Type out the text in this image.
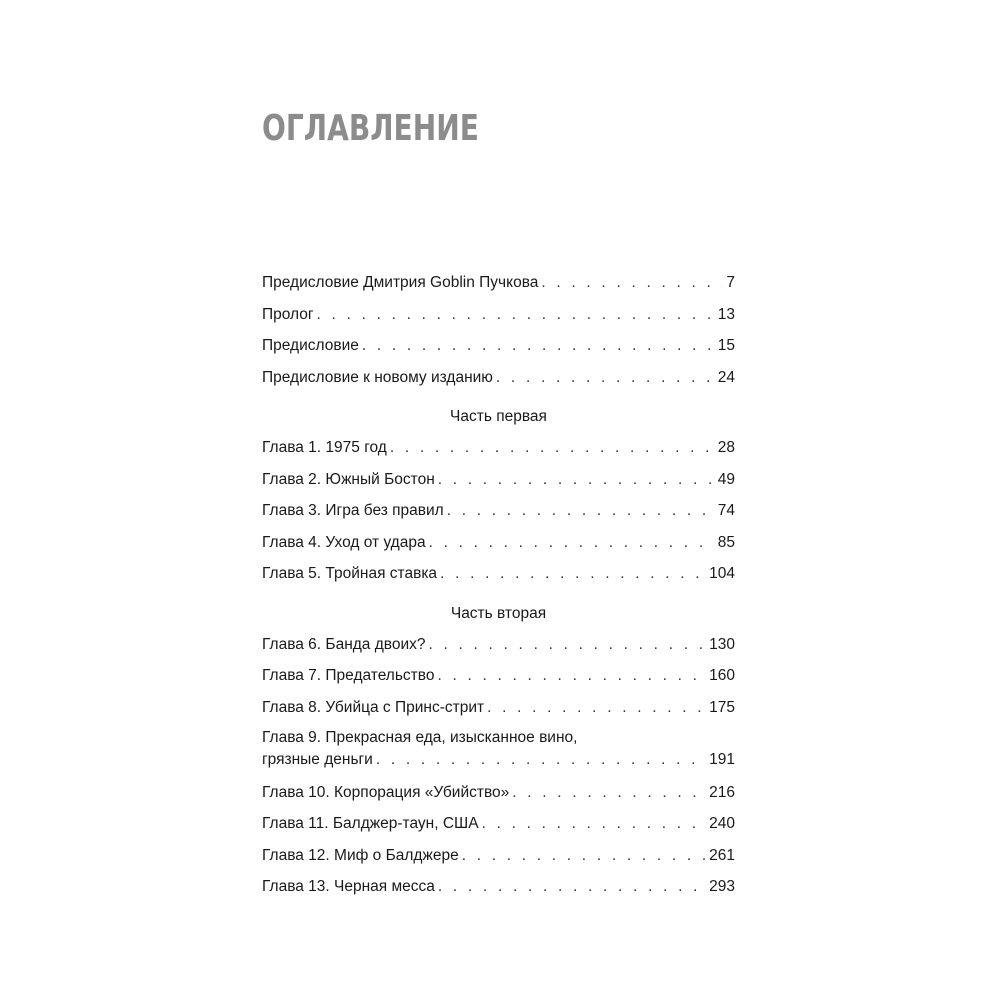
ОГЛАВЛЕНИЕ
Предисловие Дмитрия Goblin Пучкова . . .	7
Пролог . . .	13
Предисловие . . .	15
Предисловие к новому изданию . . .	24
Часть первая
Глава 1. 1975 год . . .	28
Глава 2. Южный Бостон . . .	49
Глава 3. Игра без правил . . .	74
Глава 4. Уход от удара . . .	85
Глава 5. Тройная ставка . . .	104
Часть вторая
Глава 6. Банда двоих? . . .	130
Глава 7. Предательство . . .	160
Глава 8. Убийца с Принс-стрит . . .	175
Глава 9. Прекрасная еда, изысканное вино,
грязные деньги . . .	191
Глава 10. Корпорация «Убийство» . . .	216
Глава 11. Балджер-таун, США . . .	240
Глава 12. Миф о Балджере . . .	261
Глава 13. Черная месса . . .	293
